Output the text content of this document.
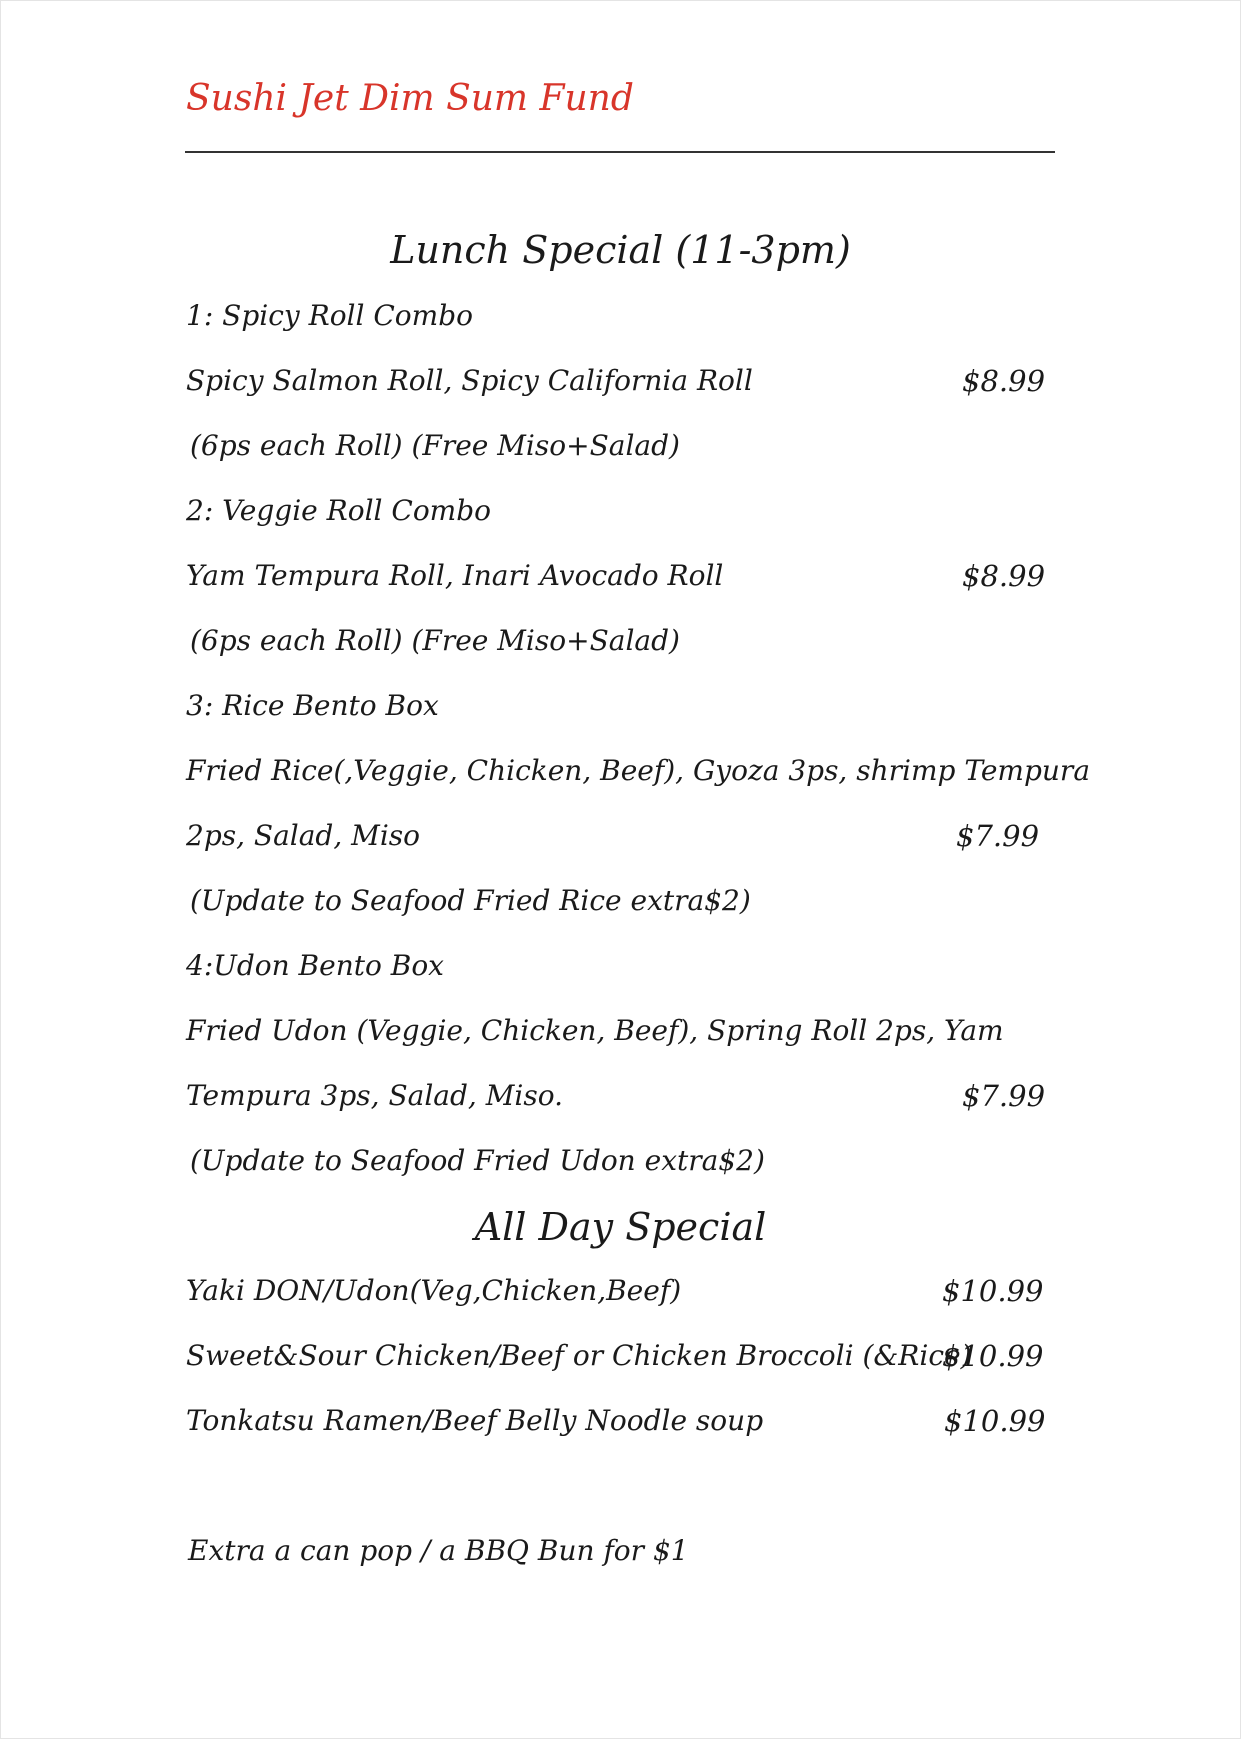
Sushi Jet Dim Sum Fund
Lunch Special (11-3pm)
1: Spicy Roll Combo
Spicy Salmon Roll, Spicy California Roll	$8.99
(6ps each Roll) (Free Miso+Salad)
2: Veggie Roll Combo
Yam Tempura Roll, Inari Avocado Roll	$8.99
(6ps each Roll) (Free Miso+Salad)
3: Rice Bento Box
Fried Rice(,Veggie, Chicken, Beef), Gyoza 3ps, shrimp Tempura
2ps, Salad, Miso	$7.99
(Update to Seafood Fried Rice extra$2)
4:Udon Bento Box
Fried Udon (Veggie, Chicken, Beef), Spring Roll 2ps, Yam
Tempura 3ps, Salad, Miso.	$7.99
(Update to Seafood Fried Udon extra$2)
All Day Special
Yaki DON/Udon(Veg,Chicken,Beef)	$10.99
Sweet&Sour Chicken/Beef or Chicken Broccoli (&Rice)
$10.99
Tonkatsu Ramen/Beef Belly Noodle soup	$10.99
Extra a can pop / a BBQ Bun for $1
